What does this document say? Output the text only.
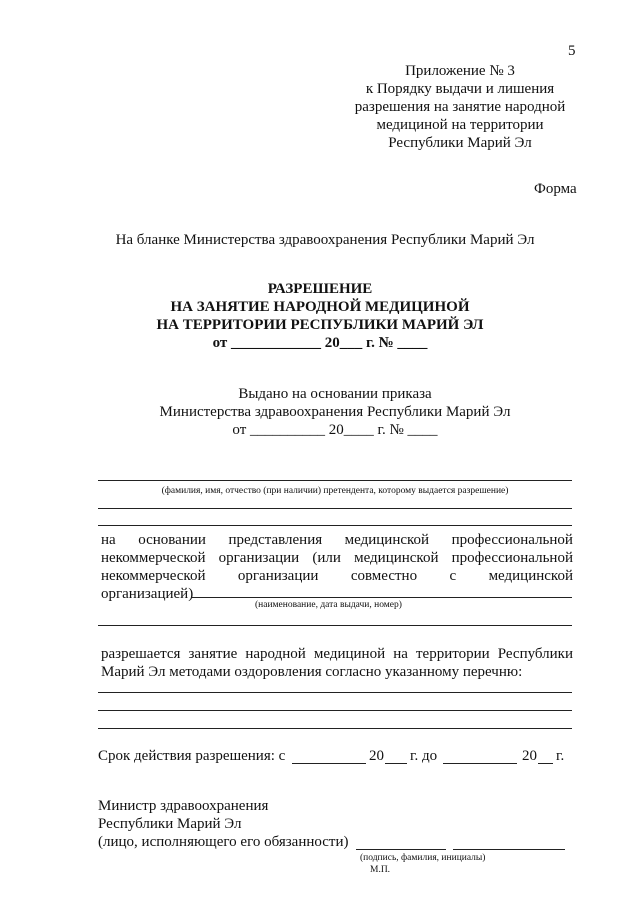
5
Приложение № 3
к Порядку выдачи и лишения
разрешения на занятие народной
медициной на территории
Республики Марий Эл
Форма
На бланке Министерства здравоохранения Республики Марий Эл
РАЗРЕШЕНИЕ
НА ЗАНЯТИЕ НАРОДНОЙ МЕДИЦИНОЙ
НА ТЕРРИТОРИИ РЕСПУБЛИКИ МАРИЙ ЭЛ
от ____________ 20___ г. № ____
Выдано на основании приказа
Министерства здравоохранения Республики Марий Эл
от __________ 20____ г. № ____
(фамилия, имя, отчество (при наличии) претендента, которому выдается разрешение)
на основании представления медицинской профессиональной
некоммерческой организации (или медицинской профессиональной
некоммерческой организации совместно с медицинской
организацией)
(наименование, дата выдачи, номер)
разрешается занятие народной медициной на территории Республики
Марий Эл методами оздоровления согласно указанному перечню:
Срок действия разрешения: с	20 г. до	20 г.
Министр здравоохранения
Республики Марий Эл
(лицо, исполняющего его обязанности)
(подпись, фамилия, инициалы)
М.П.
